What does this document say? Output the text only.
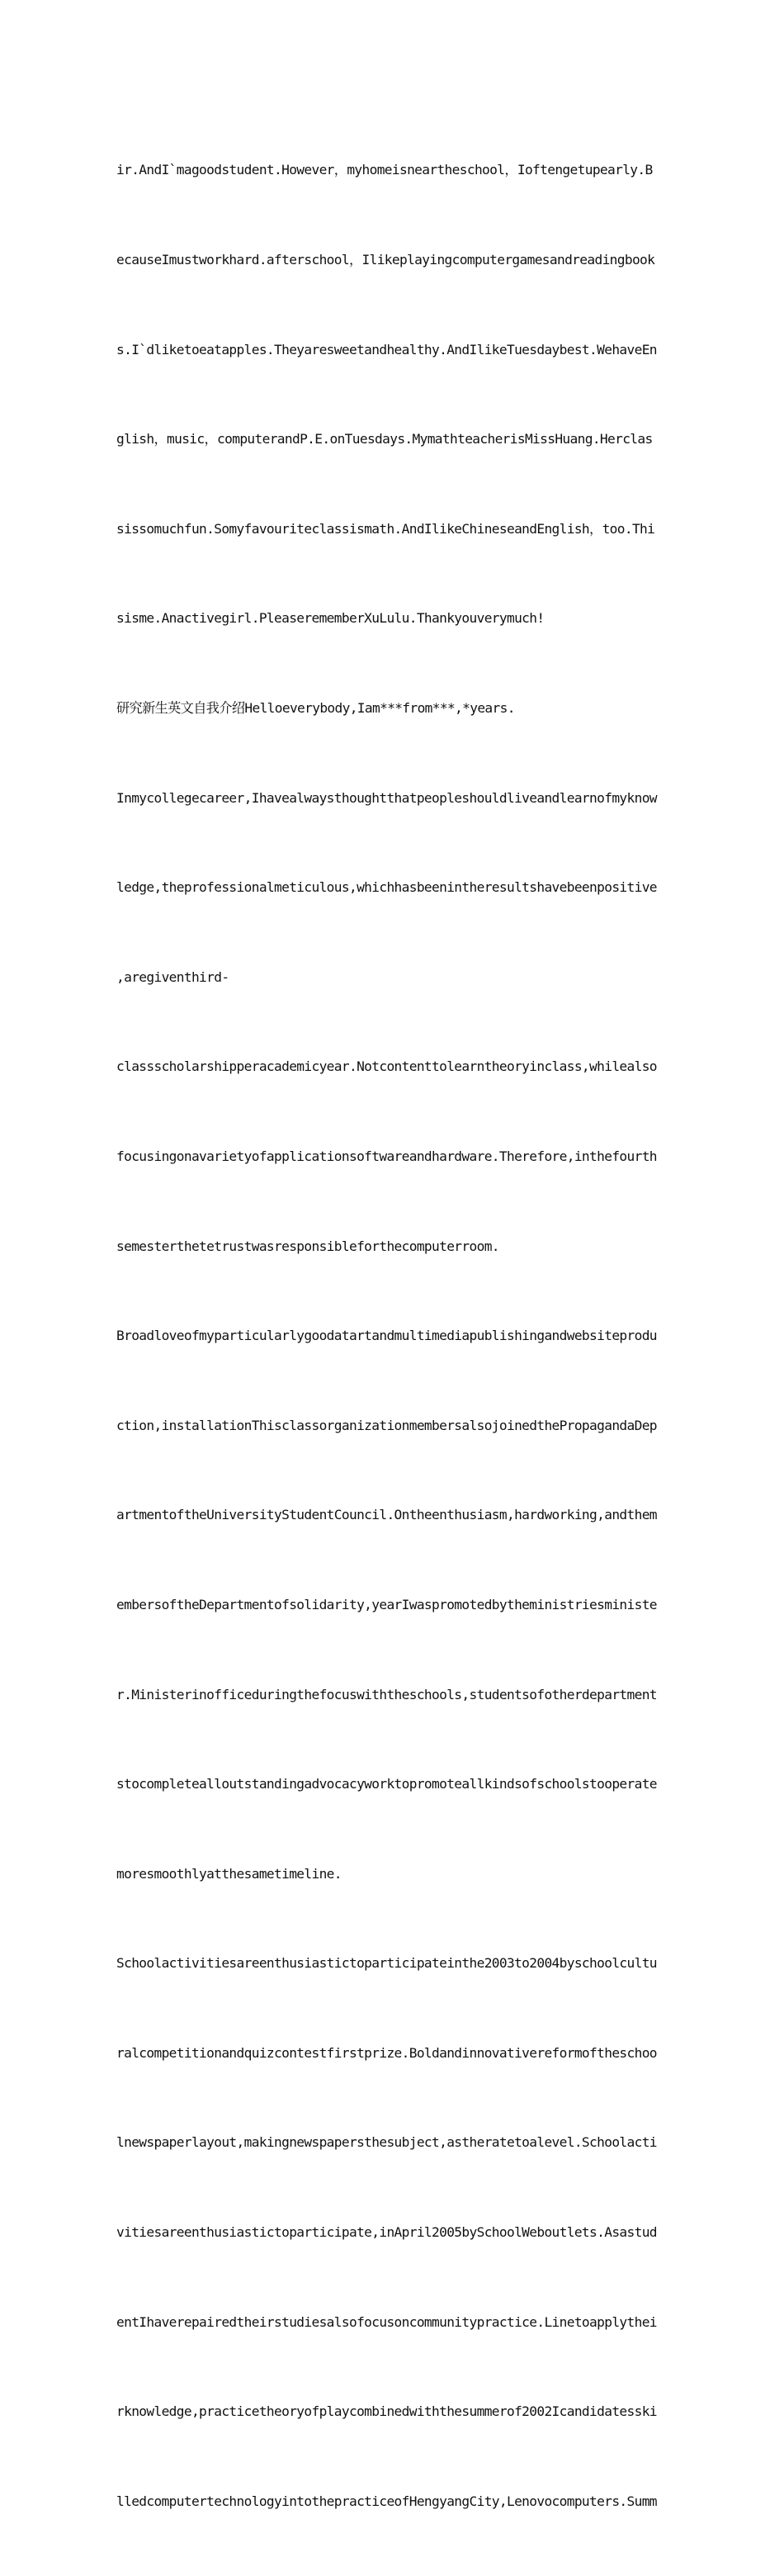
ir.AndI`magoodstudent.However，myhomeisneartheschool，Ioftengetupearly.B

ecauseImustworkhard.afterschool，Ilikeplayingcomputergamesandreadingbook

s.I`dliketoeatapples.Theyaresweetandhealthy.AndIlikeTuesdaybest.WehaveEn

glish，music，computerandP.E.onTuesdays.MymathteacherisMissHuang.Herclas

sissomuchfun.Somyfavouriteclassismath.AndIlikeChineseandEnglish，too.Thi

sisme.Anactivegirl.PleaserememberXuLulu.Thankyouverymuch!

研究新生英文自我介绍Helloeverybody,Iam***from***,*years.

Inmycollegecareer,Ihavealwaysthoughtthatpeopleshouldliveandlearnofmyknow

ledge,theprofessionalmeticulous,whichhasbeenintheresultshavebeenpositive

,aregiventhird-

classscholarshipperacademicyear.Notcontenttolearntheoryinclass,whilealso

focusingonavarietyofapplicationsoftwareandhardware.Therefore,inthefourth

semesterthetetrustwasresponsibleforthecomputerroom.

Broadloveofmyparticularlygoodatartandmultimediapublishingandwebsiteprodu

ction,installationThisclassorganizationmembersalsojoinedthePropagandaDep

artmentoftheUniversityStudentCouncil.Ontheenthusiasm,hardworking,andthem

embersoftheDepartmentofsolidarity,yearIwaspromotedbytheministriesministe

r.Ministerinofficeduringthefocuswiththeschools,studentsofotherdepartment

stocompletealloutstandingadvocacyworktopromoteallkindsofschoolstooperate

moresmoothlyatthesametimeline.

Schoolactivitiesareenthusiastictoparticipateinthe2003to2004byschoolcultu

ralcompetitionandquizcontestfirstprize.Boldandinnovativereformoftheschoo

lnewspaperlayout,makingnewspapersthesubject,astheratetoalevel.Schoolacti

vitiesareenthusiastictoparticipate,inApril2005bySchoolWeboutlets.Asastud

entIhaverepairedtheirstudiesalsofocusoncommunitypractice.Linetoapplythei

rknowledge,practicetheoryofplaycombinedwiththesummerof2002Icandidatesski

lledcomputertechnologyintothepracticeofHengyangCity,Lenovocomputers.Summ
